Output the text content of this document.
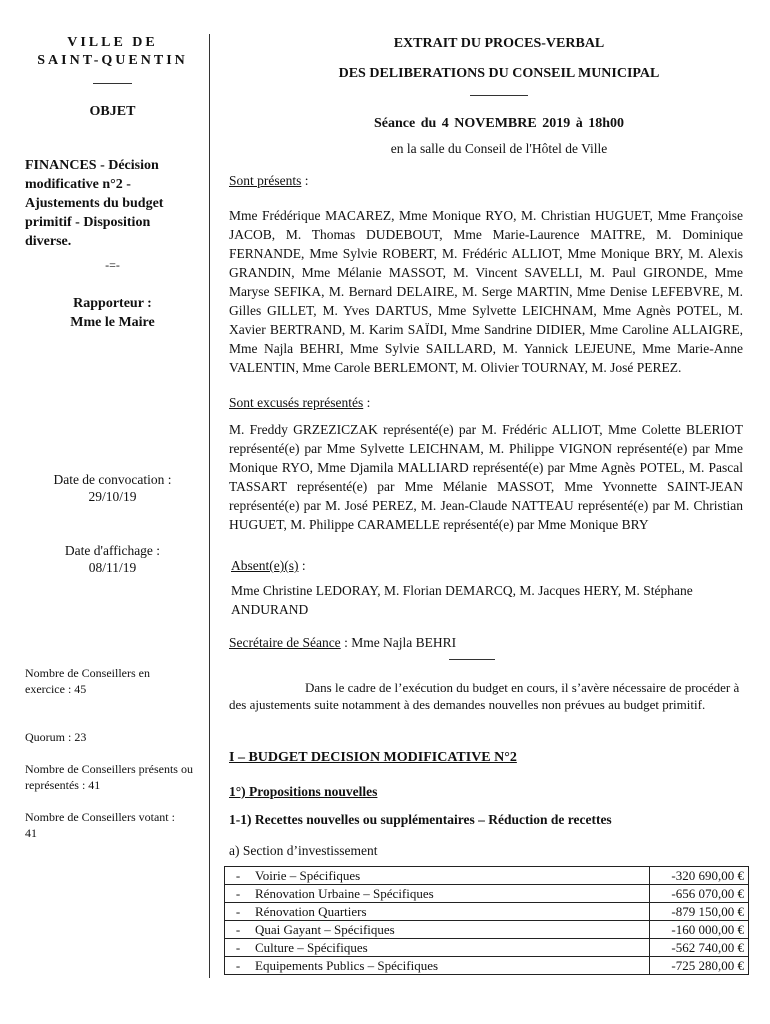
VILLE DE
SAINT-QUENTIN
OBJET
FINANCES - Décision modificative n°2 - Ajustements du budget primitif - Disposition diverse.
-=-
Rapporteur :
Mme le Maire
Date de convocation :
29/10/19
Date d'affichage :
08/11/19
Nombre de Conseillers en exercice : 45
Quorum : 23
Nombre de Conseillers présents ou représentés : 41
Nombre de Conseillers votant : 41
EXTRAIT DU PROCES-VERBAL
DES DELIBERATIONS DU CONSEIL MUNICIPAL
Séance du 4 NOVEMBRE 2019 à 18h00
en la salle du Conseil de l'Hôtel de Ville
Sont présents :
Mme Frédérique MACAREZ, Mme Monique RYO, M. Christian HUGUET, Mme Françoise JACOB, M. Thomas DUDEBOUT, Mme Marie-Laurence MAITRE, M. Dominique FERNANDE, Mme Sylvie ROBERT, M. Frédéric ALLIOT, Mme Monique BRY, M. Alexis GRANDIN, Mme Mélanie MASSOT, M. Vincent SAVELLI, M. Paul GIRONDE, Mme Maryse SEFIKA, M. Bernard DELAIRE, M. Serge MARTIN, Mme Denise LEFEBVRE, M. Gilles GILLET, M. Yves DARTUS, Mme Sylvette LEICHNAM, Mme Agnès POTEL, M. Xavier BERTRAND, M. Karim SAÏDI, Mme Sandrine DIDIER, Mme Caroline ALLAIGRE, Mme Najla BEHRI, Mme Sylvie SAILLARD, M. Yannick LEJEUNE, Mme Marie-Anne VALENTIN, Mme Carole BERLEMONT, M. Olivier TOURNAY, M. José PEREZ.
Sont excusés représentés :
M. Freddy GRZEZICZAK représenté(e) par M. Frédéric ALLIOT, Mme Colette BLERIOT représenté(e) par Mme Sylvette LEICHNAM, M. Philippe VIGNON représenté(e) par Mme Monique RYO, Mme Djamila MALLIARD représenté(e) par Mme Agnès POTEL, M. Pascal TASSART représenté(e) par Mme Mélanie MASSOT, Mme Yvonnette SAINT-JEAN représenté(e) par M. José PEREZ, M. Jean-Claude NATTEAU représenté(e) par M. Christian HUGUET, M. Philippe CARAMELLE représenté(e) par Mme Monique BRY
Absent(e)(s) :
Mme Christine LEDORAY, M. Florian DEMARCQ, M. Jacques HERY, M. Stéphane ANDURAND
Secrétaire de Séance : Mme Najla BEHRI
Dans le cadre de l’exécution du budget en cours, il s’avère nécessaire de procéder à des ajustements suite notamment à des demandes nouvelles non prévues au budget primitif.
I – BUDGET DECISION MODIFICATIVE N°2
1°) Propositions nouvelles
1-1) Recettes nouvelles ou supplémentaires – Réduction de recettes
a) Section d’investissement
-	Voirie – Spécifiques	-320 690,00 €
-	Rénovation Urbaine – Spécifiques	-656 070,00 €
-	Rénovation Quartiers	-879 150,00 €
-	Quai Gayant – Spécifiques	-160 000,00 €
-	Culture – Spécifiques	-562 740,00 €
-	Equipements Publics – Spécifiques	-725 280,00 €
